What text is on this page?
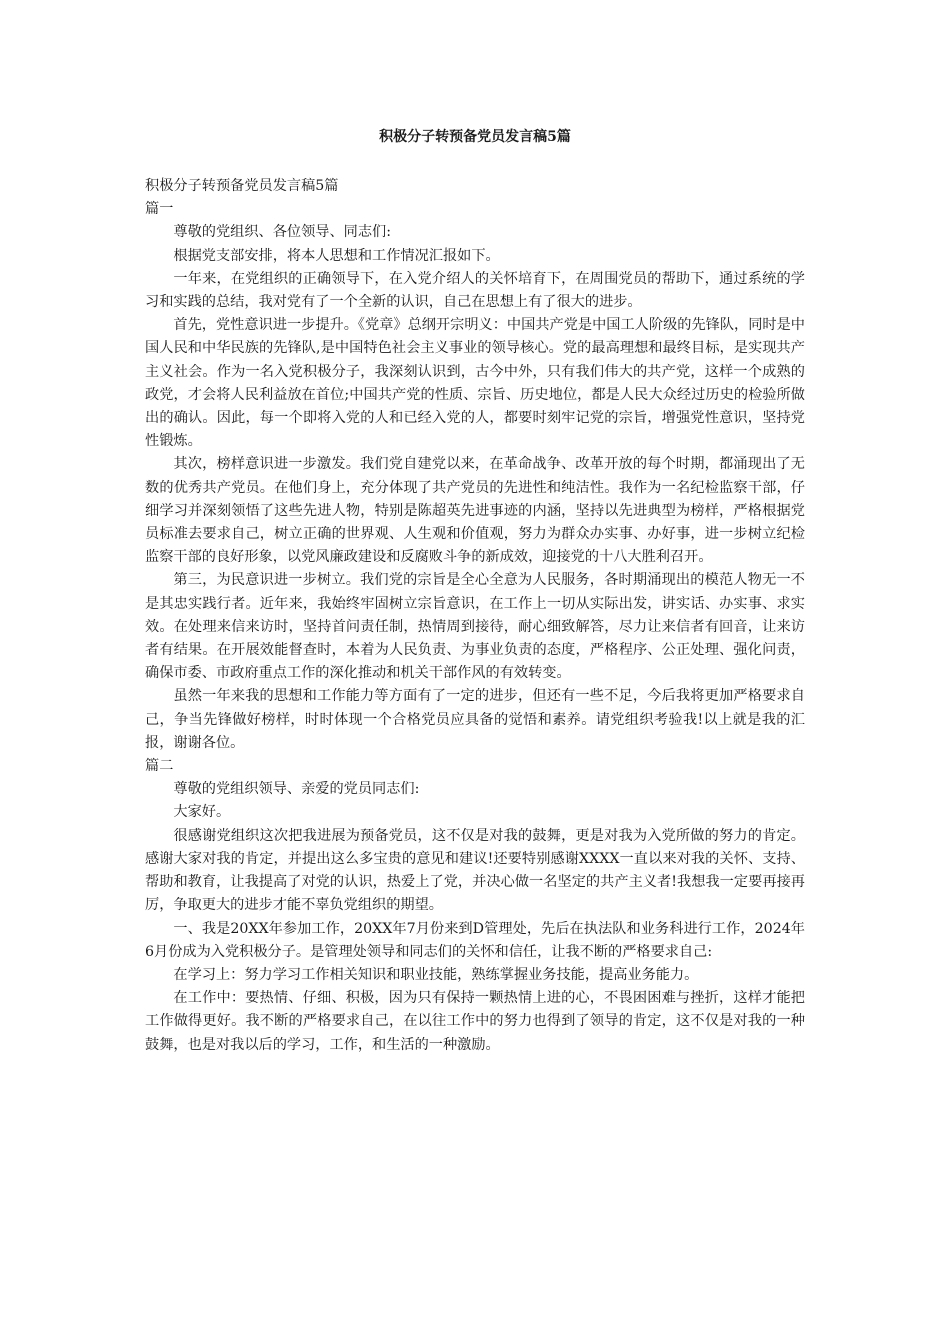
积极分子转预备党员发言稿5篇

积极分子转预备党员发言稿5篇

篇一

尊敬的党组织、各位领导、同志们:

根据党支部安排，将本人思想和工作情况汇报如下。

一年来，在党组织的正确领导下，在入党介绍人的关怀培育下，在周围党员的帮助下，通过系统的学习和实践的总结，我对党有了一个全新的认识，自己在思想上有了很大的进步。

首先，党性意识进一步提升。《党章》总纲开宗明义：中国共产党是中国工人阶级的先锋队，同时是中国人民和中华民族的先锋队,是中国特色社会主义事业的领导核心。党的最高理想和最终目标，是实现共产主义社会。作为一名入党积极分子，我深刻认识到，古今中外，只有我们伟大的共产党，这样一个成熟的政党，才会将人民利益放在首位;中国共产党的性质、宗旨、历史地位，都是人民大众经过历史的检验所做出的确认。因此，每一个即将入党的人和已经入党的人，都要时刻牢记党的宗旨，增强党性意识，坚持党性锻炼。

其次，榜样意识进一步激发。我们党自建党以来，在革命战争、改革开放的每个时期，都涌现出了无数的优秀共产党员。在他们身上，充分体现了共产党员的先进性和纯洁性。我作为一名纪检监察干部，仔细学习并深刻领悟了这些先进人物，特别是陈超英先进事迹的内涵，坚持以先进典型为榜样，严格根据党员标准去要求自己，树立正确的世界观、人生观和价值观，努力为群众办实事、办好事，进一步树立纪检监察干部的良好形象，以党风廉政建设和反腐败斗争的新成效，迎接党的十八大胜利召开。

第三，为民意识进一步树立。我们党的宗旨是全心全意为人民服务，各时期涌现出的模范人物无一不是其忠实践行者。近年来，我始终牢固树立宗旨意识，在工作上一切从实际出发，讲实话、办实事、求实效。在处理来信来访时，坚持首问责任制，热情周到接待，耐心细致解答，尽力让来信者有回音，让来访者有结果。在开展效能督查时，本着为人民负责、为事业负责的态度，严格程序、公正处理、强化问责，确保市委、市政府重点工作的深化推动和机关干部作风的有效转变。

虽然一年来我的思想和工作能力等方面有了一定的进步，但还有一些不足，今后我将更加严格要求自己，争当先锋做好榜样，时时体现一个合格党员应具备的觉悟和素养。请党组织考验我!以上就是我的汇报，谢谢各位。

篇二

尊敬的党组织领导、亲爱的党员同志们:

大家好。

很感谢党组织这次把我进展为预备党员，这不仅是对我的鼓舞，更是对我为入党所做的努力的肯定。感谢大家对我的肯定，并提出这么多宝贵的意见和建议!还要特别感谢XXXX一直以来对我的关怀、支持、帮助和教育，让我提高了对党的认识，热爱上了党，并决心做一名坚定的共产主义者!我想我一定要再接再厉，争取更大的进步才能不辜负党组织的期望。

一、我是20XX年参加工作，20XX年7月份来到D管理处，先后在执法队和业务科进行工作，2024年6月份成为入党积极分子。是管理处领导和同志们的关怀和信任，让我不断的严格要求自己:

在学习上：努力学习工作相关知识和职业技能，熟练掌握业务技能，提高业务能力。

在工作中：要热情、仔细、积极，因为只有保持一颗热情上进的心，不畏困困难与挫折，这样才能把工作做得更好。我不断的严格要求自己，在以往工作中的努力也得到了领导的肯定，这不仅是对我的一种鼓舞，也是对我以后的学习，工作，和生活的一种激励。
